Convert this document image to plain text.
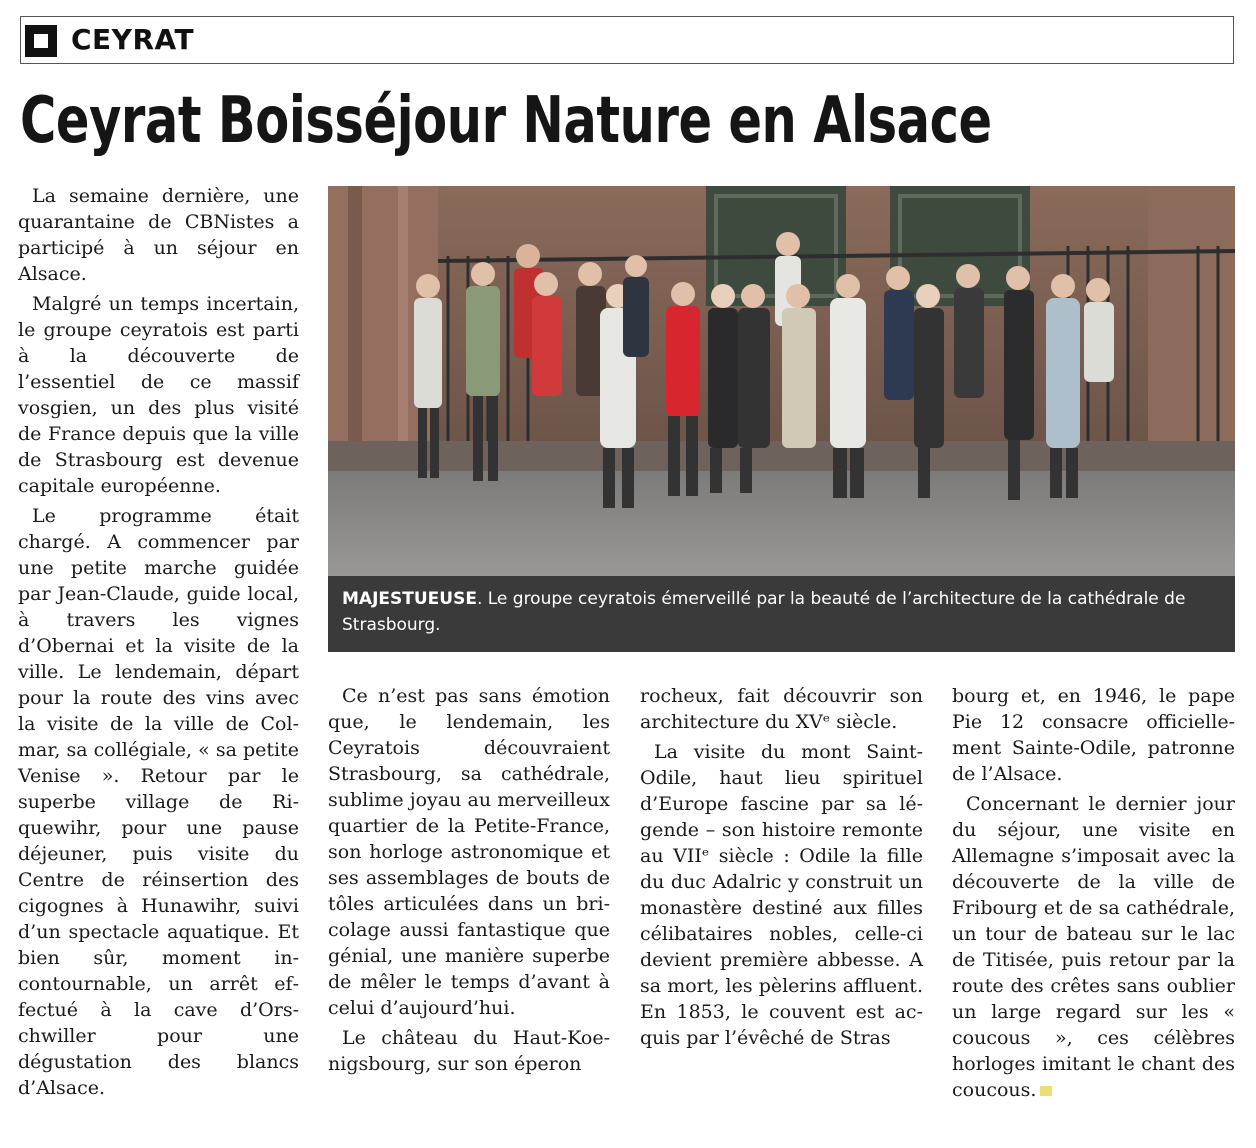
CEYRAT
Ceyrat Boisséjour Nature en Alsace

La semaine dernière, une quarantaine de CBNistes a participé à un séjour en Alsace.

Malgré un temps incertain, le groupe ceyratois est parti à la découverte de l’essentiel de ce massif vosgien, un des plus visité de France depuis que la ville de Strasbourg est devenue capitale européenne.

Le programme était chargé. A commencer par une petite marche guidée par Jean-Claude, guide local, à travers les vignes d’Obernai et la visite de la ville. Le lendemain, départ pour la route des vins avec la visite de la ville de Colmar, sa collégiale, « sa petite Venise ». Retour par le superbe village de Riquewihr, pour une pause déjeuner, puis visite du Centre de réinsertion des cigognes à Hunawihr, suivi d’un spectacle aquatique. Et bien sûr, moment incontournable, un arrêt effectué à la cave d’Orschwiller pour une dégustation des blancs d’Alsace.

MAJESTUEUSE. Le groupe ceyratois émerveillé par la beauté de l’architecture de la cathédrale de Strasbourg.

Ce n’est pas sans émotion que, le lendemain, les Ceyratois découvraient Strasbourg, sa cathédrale, sublime joyau au merveilleux quartier de la Petite-France, son horloge astronomique et ses assemblages de bouts de tôles articulées dans un bricolage aussi fantastique que génial, une manière superbe de mêler le temps d’avant à celui d’aujourd’hui.

Le château du Haut-Koenigsbourg, sur son éperon

rocheux, fait découvrir son architecture du XVᵉ siècle.

La visite du mont Saint-Odile, haut lieu spirituel d’Europe fascine par sa légende – son histoire remonte au VIIᵉ siècle : Odile la fille du duc Adalric y construit un monastère destiné aux filles célibataires nobles, celle-ci devient première abbesse. A sa mort, les pèlerins affluent. En 1853, le couvent est acquis par l’évêché de Stras

bourg et, en 1946, le pape Pie 12 consacre officiellement Sainte-Odile, patronne de l’Alsace.

Concernant le dernier jour du séjour, une visite en Allemagne s’imposait avec la découverte de la ville de Fribourg et de sa cathédrale, un tour de bateau sur le lac de Titisée, puis retour par la route des crêtes sans oublier un large regard sur les « coucous », ces célèbres horloges imitant le chant des coucous.
